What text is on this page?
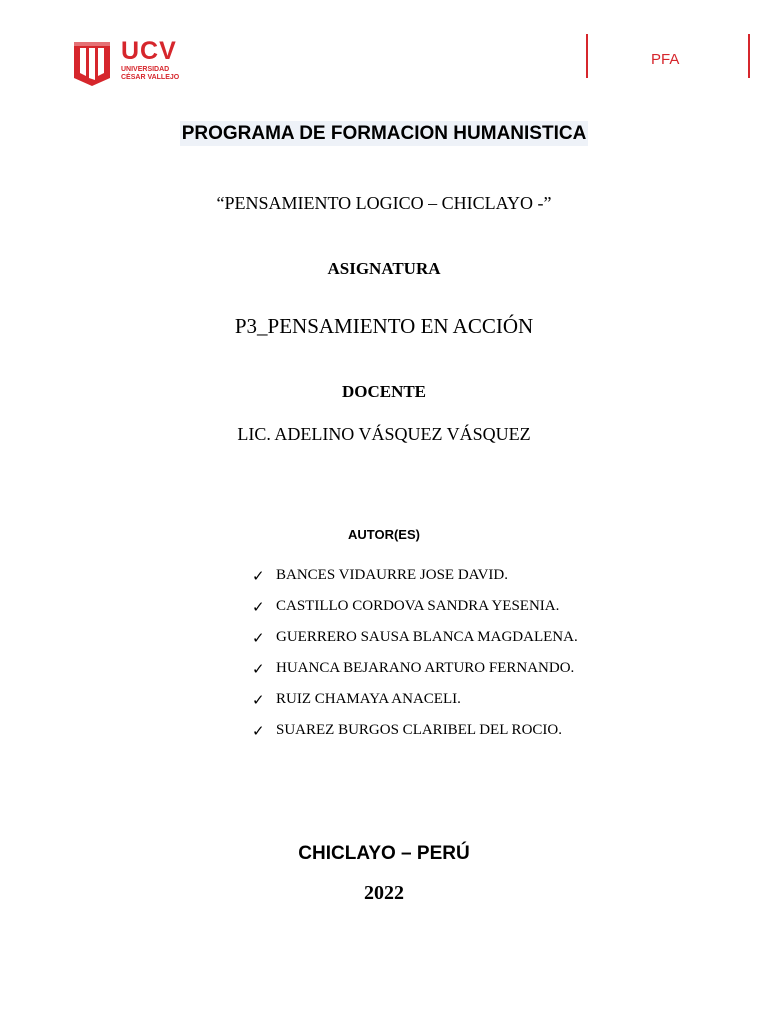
UCV
UNIVERSIDAD
CÉSAR VALLEJO
PFA
PROGRAMA DE FORMACION HUMANISTICA
“PENSAMIENTO LOGICO – CHICLAYO -”
ASIGNATURA
P3_PENSAMIENTO EN ACCIÓN
DOCENTE
LIC. ADELINO VÁSQUEZ VÁSQUEZ
AUTOR(ES)
✓ BANCES VIDAURRE JOSE DAVID.
✓ CASTILLO CORDOVA SANDRA YESENIA.
✓ GUERRERO SAUSA BLANCA MAGDALENA.
✓ HUANCA BEJARANO ARTURO FERNANDO.
✓ RUIZ CHAMAYA ANACELI.
✓ SUAREZ BURGOS CLARIBEL DEL ROCIO.
CHICLAYO – PERÚ
2022
